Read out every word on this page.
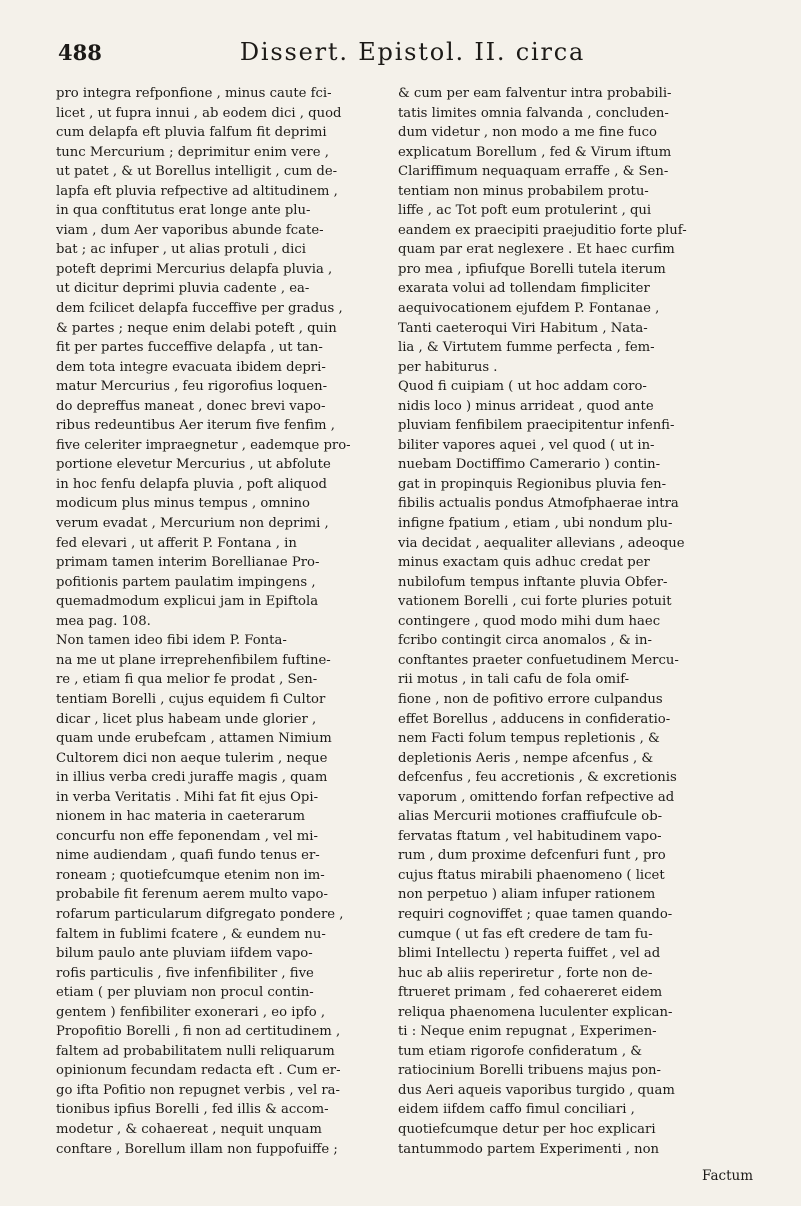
488	Dissert. Epistol. II. circa
pro integra refponfione , minus caute fci-
licet , ut fupra innui , ab eodem dici , quod
cum delapfa eft pluvia falfum fit deprimi
tunc Mercurium ; deprimitur enim vere ,
ut patet , & ut Borellus intelligit , cum de-
lapfa eft pluvia refpective ad altitudinem ,
in qua conftitutus erat longe ante plu-
viam , dum Aer vaporibus abunde fcate-
bat ; ac infuper , ut alias protuli , dici
poteft deprimi Mercurius delapfa pluvia ,
ut dicitur deprimi pluvia cadente , ea-
dem fcilicet delapfa fucceffive per gradus ,
& partes ; neque enim delabi poteft , quin
fit per partes fucceffive delapfa , ut tan-
dem tota integre evacuata ibidem depri-
matur Mercurius , feu rigorofius loquen-
do depreffus maneat , donec brevi vapo-
ribus redeuntibus Aer iterum five fenfim ,
five celeriter impraegnetur , eademque pro-
portione elevetur Mercurius , ut abfolute
in hoc fenfu delapfa pluvia , poft aliquod
modicum plus minus tempus , omnino
verum evadat , Mercurium non deprimi ,
fed elevari , ut afferit P. Fontana , in
primam tamen interim Borellianae Pro-
pofitionis partem paulatim impingens ,
quemadmodum explicui jam in Epiftola
mea pag. 108.
Non tamen ideo fibi idem P. Fonta-
na me ut plane irreprehenfibilem fuftine-
re , etiam fi qua melior fe prodat , Sen-
tentiam Borelli , cujus equidem fi Cultor
dicar , licet plus habeam unde glorier ,
quam unde erubefcam , attamen Nimium
Cultorem dici non aeque tulerim , neque
in illius verba credi juraffe magis , quam
in verba Veritatis . Mihi fat fit ejus Opi-
nionem in hac materia in caeterarum
concurfu non effe feponendam , vel mi-
nime audiendam , quafi fundo tenus er-
roneam ; quotiefcumque etenim non im-
probabile fit ferenum aerem multo vapo-
rofarum particularum difgregato pondere ,
faltem in fublimi fcatere , & eundem nu-
bilum paulo ante pluviam iifdem vapo-
rofis particulis , five infenfibiliter , five
etiam ( per pluviam non procul contin-
gentem ) fenfibiliter exonerari , eo ipfo ,
Propofitio Borelli , fi non ad certitudinem ,
faltem ad probabilitatem nulli reliquarum
opinionum fecundam redacta eft . Cum er-
go ifta Pofitio non repugnet verbis , vel ra-
tionibus ipfius Borelli , fed illis & accom-
modetur , & cohaereat , nequit unquam
conftare , Borellum illam non fuppofuiffe ;
& cum per eam falventur intra probabili-
tatis limites omnia falvanda , concluden-
dum videtur , non modo a me fine fuco
explicatum Borellum , fed & Virum iftum
Clariffimum nequaquam erraffe , & Sen-
tentiam non minus probabilem protu-
liffe , ac Tot poft eum protulerint , qui
eandem ex praecipiti praejuditio forte pluf-
quam par erat neglexere . Et haec curfim
pro mea , ipfiufque Borelli tutela iterum
exarata volui ad tollendam fimpliciter
aequivocationem ejufdem P. Fontanae ,
Tanti caeteroqui Viri Habitum , Nata-
lia , & Virtutem fumme perfecta , fem-
per habiturus .
Quod fi cuipiam ( ut hoc addam coro-
nidis loco ) minus arrideat , quod ante
pluviam fenfibilem praecipitentur infenfi-
biliter vapores aquei , vel quod ( ut in-
nuebam Doctiffimo Camerario ) contin-
gat in propinquis Regionibus pluvia fen-
fibilis actualis pondus Atmofphaerae intra
infigne fpatium , etiam , ubi nondum plu-
via decidat , aequaliter allevians , adeoque
minus exactam quis adhuc credat per
nubilofum tempus inftante pluvia Obfer-
vationem Borelli , cui forte pluries potuit
contingere , quod modo mihi dum haec
fcribo contingit circa anomalos , & in-
conftantes praeter confuetudinem Mercu-
rii motus , in tali cafu de fola omif-
fione , non de pofitivo errore culpandus
effet Borellus , adducens in confideratio-
nem Facti folum tempus repletionis , &
depletionis Aeris , nempe afcenfus , &
defcenfus , feu accretionis , & excretionis
vaporum , omittendo forfan refpective ad
alias Mercurii motiones craffiufcule ob-
fervatas ftatum , vel habitudinem vapo-
rum , dum proxime defcenfuri funt , pro
cujus ftatus mirabili phaenomeno ( licet
non perpetuo ) aliam infuper rationem
requiri cognoviffet ; quae tamen quando-
cumque ( ut fas eft credere de tam fu-
blimi Intellectu ) reperta fuiffet , vel ad
huc ab aliis reperiretur , forte non de-
ftrueret primam , fed cohaereret eidem
reliqua phaenomena luculenter explican-
ti : Neque enim repugnat , Experimen-
tum etiam rigorofe confideratum , &
ratiocinium Borelli tribuens majus pon-
dus Aeri aqueis vaporibus turgido , quam
eidem iifdem caffo fimul conciliari ,
quotiefcumque detur per hoc explicari
tantummodo partem Experimenti , non
Factum
